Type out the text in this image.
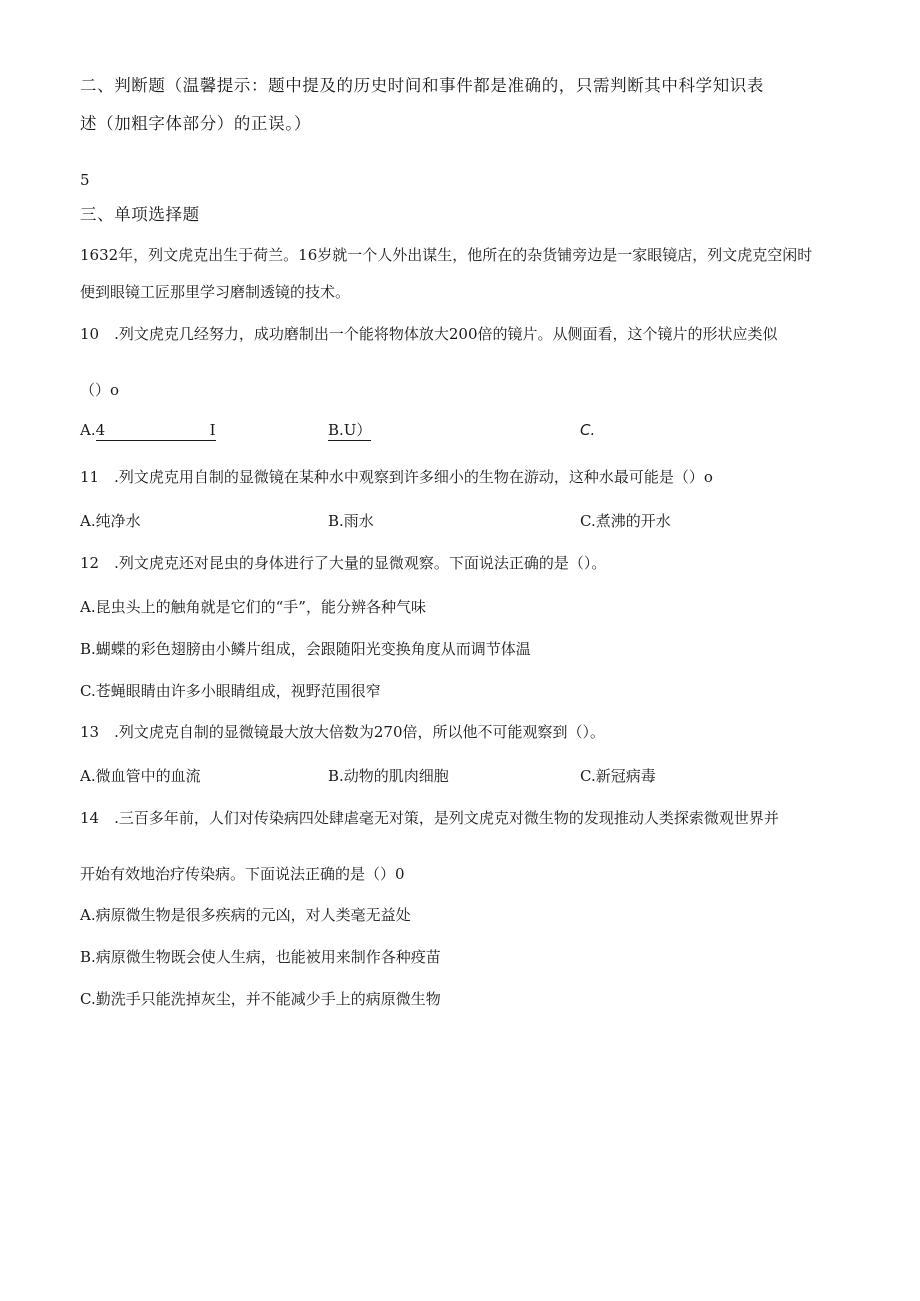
二、判断题（温馨提示：题中提及的历史时间和事件都是准确的，只需判断其中科学知识表
述（加粗字体部分）的正误。）
5
三、单项选择题
1632年，列文虎克出生于荷兰。16岁就一个人外出谋生，他所在的杂货铺旁边是一家眼镜店，列文虎克空闲时
便到眼镜工匠那里学习磨制透镜的技术。
10　.列文虎克几经努力，成功磨制出一个能将物体放大200倍的镜片。从侧面看，这个镜片的形状应类似
（）o
A.4	I	B.U）	C.
11　.列文虎克用自制的显微镜在某种水中观察到许多细小的生物在游动，这种水最可能是（）o
A.纯净水	B.雨水	C.煮沸的开水
12　.列文虎克还对昆虫的身体进行了大量的显微观察。下面说法正确的是（）。
A.昆虫头上的触角就是它们的“手”，能分辨各种气味
B.蝴蝶的彩色翅膀由小鳞片组成，会跟随阳光变换角度从而调节体温
C.苍蝇眼睛由许多小眼睛组成，视野范围很窄
13　.列文虎克自制的显微镜最大放大倍数为270倍，所以他不可能观察到（）。
A.微血管中的血流	B.动物的肌肉细胞	C.新冠病毒
14　.三百多年前，人们对传染病四处肆虐毫无对策，是列文虎克对微生物的发现推动人类探索微观世界并
开始有效地治疗传染病。下面说法正确的是（）0
A.病原微生物是很多疾病的元凶，对人类毫无益处
B.病原微生物既会使人生病，也能被用来制作各种疫苗
C.勤洗手只能洗掉灰尘，并不能减少手上的病原微生物
